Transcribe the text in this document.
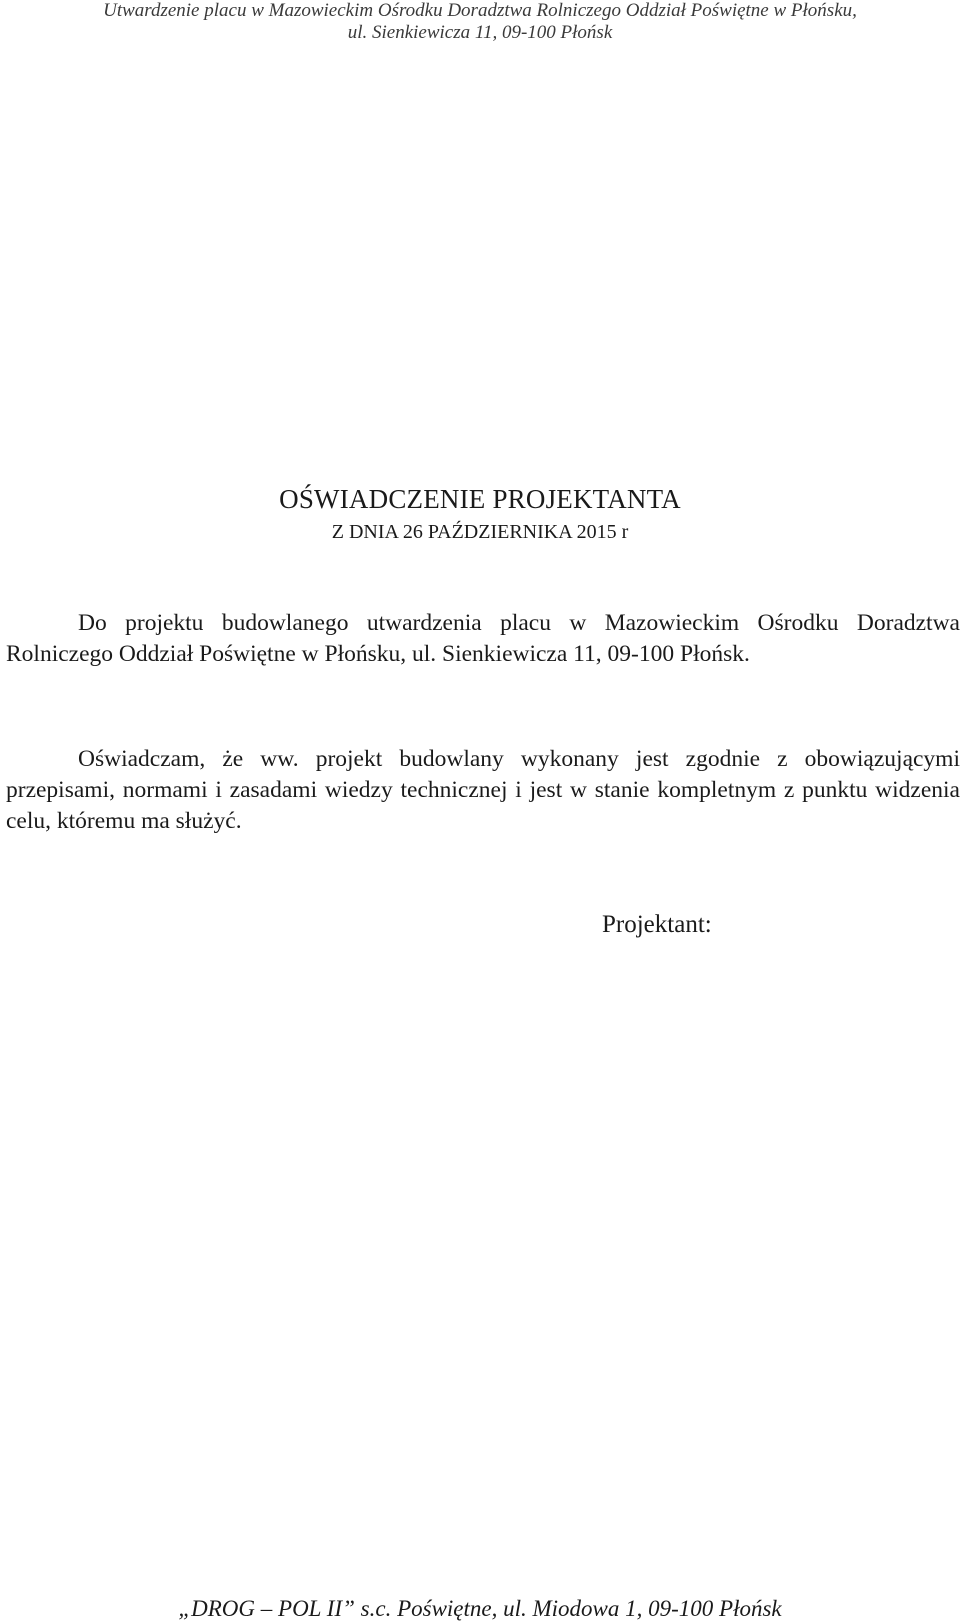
Utwardzenie placu w Mazowieckim Ośrodku Doradztwa Rolniczego Oddział Poświętne w Płońsku,
ul. Sienkiewicza 11, 09-100 Płońsk
OŚWIADCZENIE PROJEKTANTA
Z DNIA 26 PAŹDZIERNIKA 2015 r

Do projektu budowlanego utwardzenia placu w Mazowieckim Ośrodku Doradztwa Rolniczego Oddział Poświętne w Płońsku, ul. Sienkiewicza 11, 09-100 Płońsk.

Oświadczam, że ww. projekt budowlany wykonany jest zgodnie z obowiązującymi przepisami, normami i zasadami wiedzy technicznej i jest w stanie kompletnym z punktu widzenia celu, któremu ma służyć.

Projektant:
„DROG – POL II” s.c. Poświętne, ul. Miodowa 1, 09-100 Płońsk
